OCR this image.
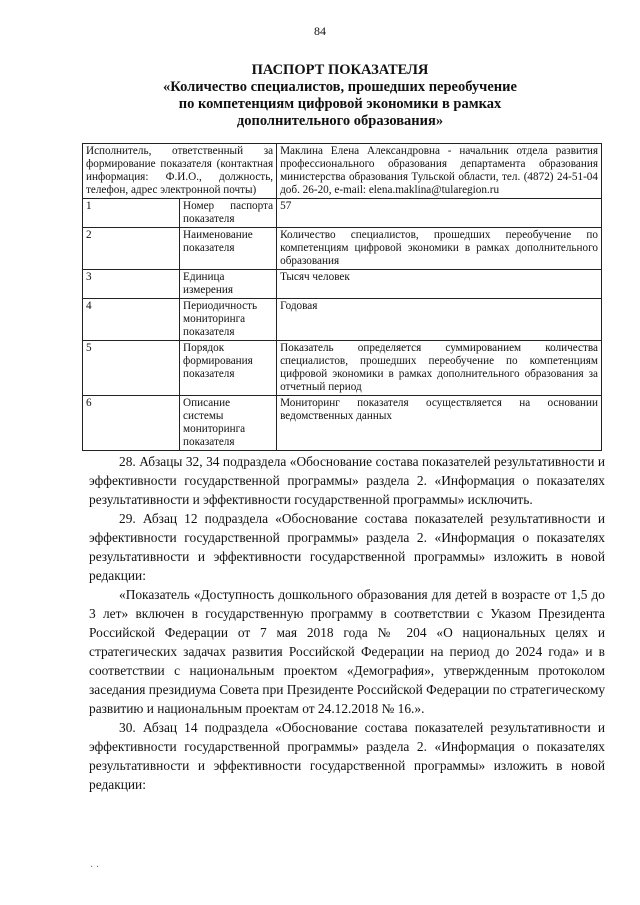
84
ПАСПОРТ ПОКАЗАТЕЛЯ
«Количество специалистов, прошедших переобучение
по компетенциям цифровой экономики в рамках
дополнительного образования»
Исполнитель, ответственный за формирование показателя (контактная информация: Ф.И.О., должность, телефон, адрес электронной почты)		Маклина Елена Александровна - начальник отдела развития профессионального образования департамента образования министерства образования Тульской области, тел. (4872) 24-51-04 доб. 26-20, e-mail: elena.maklina@tularegion.ru
1	Номер паспорта показателя	57
2	Наименование показателя	Количество специалистов, прошедших переобучение по компетенциям цифровой экономики в рамках дополнительного образования
3	Единица измерения	Тысяч человек
4	Периодичность мониторинга показателя	Годовая
5	Порядок формирования показателя	Показатель определяется суммированием количества специалистов, прошедших переобучение по компетенциям цифровой экономики в рамках дополнительного образования за отчетный период
6	Описание системы мониторинга показателя	Мониторинг показателя осуществляется на основании ведомственных данных

28. Абзацы 32, 34 подраздела «Обоснование состава показателей результативности и эффективности государственной программы» раздела 2. «Информация о показателях результативности и эффективности государственной программы» исключить.

29. Абзац 12 подраздела «Обоснование состава показателей результативности и эффективности государственной программы» раздела 2. «Информация о показателях результативности и эффективности государственной программы» изложить в новой редакции:

«Показатель «Доступность дошкольного образования для детей в возрасте от 1,5 до 3 лет» включен в государственную программу в соответствии с Указом Президента Российской Федерации от 7 мая 2018 года № 204 «О национальных целях и стратегических задачах развития Российской Федерации на период до 2024 года» и в соответствии с национальным проектом «Демография», утвержденным протоколом заседания президиума Совета при Президенте Российской Федерации по стратегическому развитию и национальным проектам от 24.12.2018 № 16.».

30. Абзац 14 подраздела «Обоснование состава показателей результативности и эффективности государственной программы» раздела 2. «Информация о показателях результативности и эффективности государственной программы» изложить в новой редакции:

· ·
